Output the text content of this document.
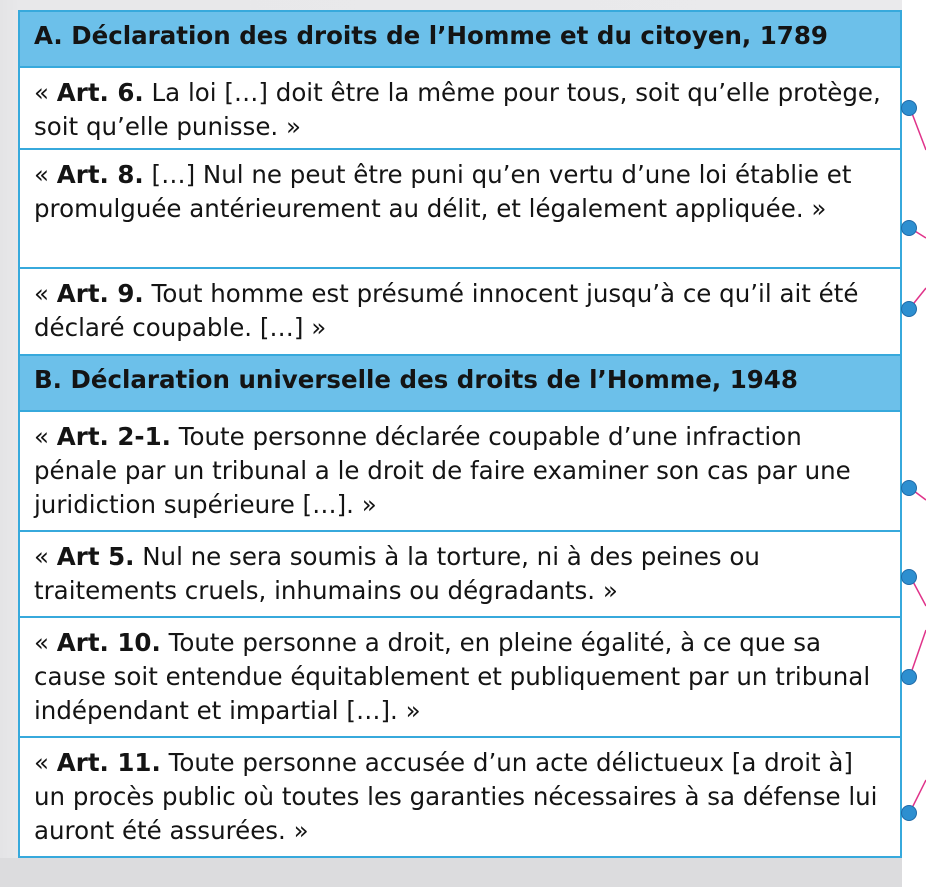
A. Déclaration des droits de l’Homme et du citoyen, 1789
« Art. 6. La loi […] doit être la même pour tous, soit qu’elle protège, soit qu’elle punisse. »
« Art. 8. […] Nul ne peut être puni qu’en vertu d’une loi établie et promulguée antérieurement au délit, et légalement appliquée. »
« Art. 9. Tout homme est présumé innocent jusqu’à ce qu’il ait été déclaré coupable. […] »
B. Déclaration universelle des droits de l’Homme, 1948
« Art. 2-1. Toute personne déclarée coupable d’une infraction pénale par un tribunal a le droit de faire examiner son cas par une juridiction supérieure […]. »
« Art 5. Nul ne sera soumis à la torture, ni à des peines ou traitements cruels, inhumains ou dégradants. »
« Art. 10. Toute personne a droit, en pleine égalité, à ce que sa cause soit entendue équitablement et publiquement par un tribunal indépendant et impartial […]. »
« Art. 11. Toute personne accusée d’un acte délictueux [a droit à] un procès public où toutes les garanties nécessaires à sa défense lui auront été assurées. »
